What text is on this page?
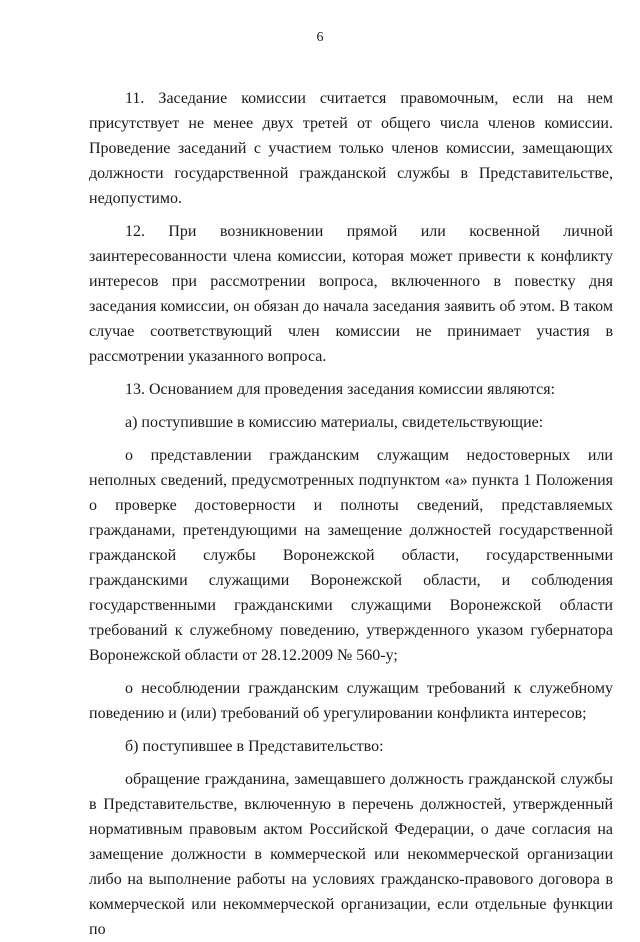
6

11. Заседание комиссии считается правомочным, если на нем присутствует не менее двух третей от общего числа членов комиссии. Проведение заседаний с участием только членов комиссии, замещающих должности государственной гражданской службы в Представительстве, недопустимо.

12. При возникновении прямой или косвенной личной заинтересованности члена комиссии, которая может привести к конфликту интересов при рассмотрении вопроса, включенного в повестку дня заседания комиссии, он обязан до начала заседания заявить об этом. В таком случае соответствующий член комиссии не принимает участия в рассмотрении указанного вопроса.

13. Основанием для проведения заседания комиссии являются:

а) поступившие в комиссию материалы, свидетельствующие:

о представлении гражданским служащим недостоверных или неполных сведений, предусмотренных подпунктом «а» пункта 1 Положения о проверке достоверности и полноты сведений, представляемых гражданами, претендующими на замещение должностей государственной гражданской службы Воронежской области, государственными гражданскими служащими Воронежской области, и соблюдения государственными гражданскими служащими Воронежской области требований к служебному поведению, утвержденного указом губернатора Воронежской области от 28.12.2009 № 560-у;

о несоблюдении гражданским служащим требований к служебному поведению и (или) требований об урегулировании конфликта интересов;

б) поступившее в Представительство:

обращение гражданина, замещавшего должность гражданской службы в Представительстве, включенную в перечень должностей, утвержденный нормативным правовым актом Российской Федерации, о даче согласия на замещение должности в коммерческой или некоммерческой организации либо на выполнение работы на условиях гражданско-правового договора в коммерческой или некоммерческой организации, если отдельные функции по
